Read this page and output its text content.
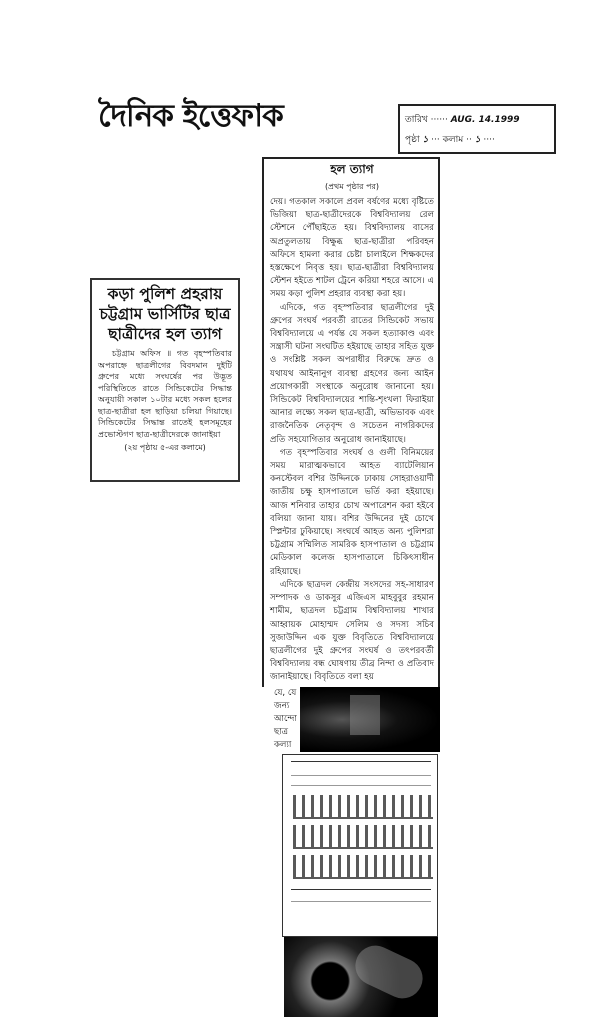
দৈনিক ইত্তেফাক	তারিখ ······ AUG. 14.1999
পৃষ্ঠা ১ ··· কলাম ·· ১ ····
কড়া পুলিশ প্রহরায়
চট্টগ্রাম ভার্সিটির ছাত্র
ছাত্রীদের হল ত্যাগ
চট্টগ্রাম অফিস ॥ গত বৃহস্পতিবার অপরাহ্নে ছাত্রলীগের বিবদমান দুইটি গ্রুপের মধ্যে সংঘর্ষের পর উদ্ভূত পরিস্থিতিতে রাতে সিন্ডিকেটের সিদ্ধান্ত অনুযায়ী সকাল ১০টার মধ্যে সকল হলের ছাত্র-ছাত্রীরা হল ছাড়িয়া চলিয়া গিয়াছে। সিন্ডিকেটের সিদ্ধান্ত রাতেই হলসমূহের প্রভোস্টগণ ছাত্র-ছাত্রীদেরকে জানাইয়া
(২য় পৃষ্ঠায় ৫-এর কলামে)
হল ত্যাগ
(প্রথম পৃষ্ঠার পর)

দেয়। গতকাল সকালে প্রবল বর্ষণের মধ্যে বৃষ্টিতে ভিজিয়া ছাত্র-ছাত্রীদেরকে বিশ্ববিদ্যালয় রেল স্টেশনে পৌঁছাইতে হয়। বিশ্ববিদ্যালয় বাসের অপ্রতুলতায় বিক্ষুব্ধ ছাত্র-ছাত্রীরা পরিবহন অফিসে হামলা করার চেষ্টা চালাইলে শিক্ষকদের হস্তক্ষেপে নিবৃত্ত হয়। ছাত্র-ছাত্রীরা বিশ্ববিদ্যালয় স্টেশন হইতে শাটল ট্রেনে করিয়া শহরে আসে। এ সময় কড়া পুলিশ প্রহরার ব্যবস্থা করা হয়।

এদিকে, গত বৃহস্পতিবার ছাত্রলীগের দুই গ্রুপের সংঘর্ষ পরবর্তী রাতের সিন্ডিকেট সভায় বিশ্ববিদ্যালয়ে এ পর্যন্ত যে সকল হত্যাকাণ্ড এবং সন্ত্রাসী ঘটনা সংঘটিত হইয়াছে তাহার সহিত যুক্ত ও সংশ্লিষ্ট সকল অপরাধীর বিরুদ্ধে দ্রুত ও যথাযথ আইনানুগ ব্যবস্থা গ্রহণের জন্য আইন প্রয়োগকারী সংস্থাকে অনুরোধ জানানো হয়। সিন্ডিকেট বিশ্ববিদ্যালয়ের শান্তি-শৃংখলা ফিরাইয়া আনার লক্ষ্যে সকল ছাত্র-ছাত্রী, অভিভাবক এবং রাজনৈতিক নেতৃবৃন্দ ও সচেতন নাগরিকদের প্রতি সহযোগিতার অনুরোধ জানাইয়াছে।

গত বৃহস্পতিবার সংঘর্ষ ও গুলী বিনিময়ের সময় মারাত্মকভাবে আহত ব্যাটেলিয়ান কনস্টেবল বশির উদ্দিনকে ঢাকায় সোহরাওয়ার্দী জাতীয় চক্ষু হাসপাতালে ভর্তি করা হইয়াছে। আজ শনিবার তাহার চোখ অপারেশন করা হইবে বলিয়া জানা যায়। বশির উদ্দিনের দুই চোখে স্প্লিন্টার ঢুকিয়াছে। সংঘর্ষে আহত অন্য পুলিশরা চট্টগ্রাম সম্মিলিত সামরিক হাসপাতাল ও চট্টগ্রাম মেডিকাল কলেজ হাসপাতালে চিকিৎসাধীন রহিয়াছে।

এদিকে ছাত্রদল কেন্দ্রীয় সংসদের সহ-সাধারণ সম্পাদক ও ডাকসুর এজিএস মাহবুবুর রহমান শামীম, ছাত্রদল চট্টগ্রাম বিশ্ববিদ্যালয় শাখার আহ্বায়ক মোহাম্মদ সেলিম ও সদস্য সচিব সুজাউদ্দিন এক যুক্ত বিবৃতিতে বিশ্ববিদ্যালয়ে ছাত্রলীগের দুই গ্রুপের সংঘর্ষ ও তৎপরবর্তী বিশ্ববিদ্যালয় বন্ধ ঘোষণায় তীব্র নিন্দা ও প্রতিবাদ জানাইয়াছে। বিবৃতিতে বলা হয়

যে, যে
জন্য
আন্দো
ছাত্র
কল্যা
